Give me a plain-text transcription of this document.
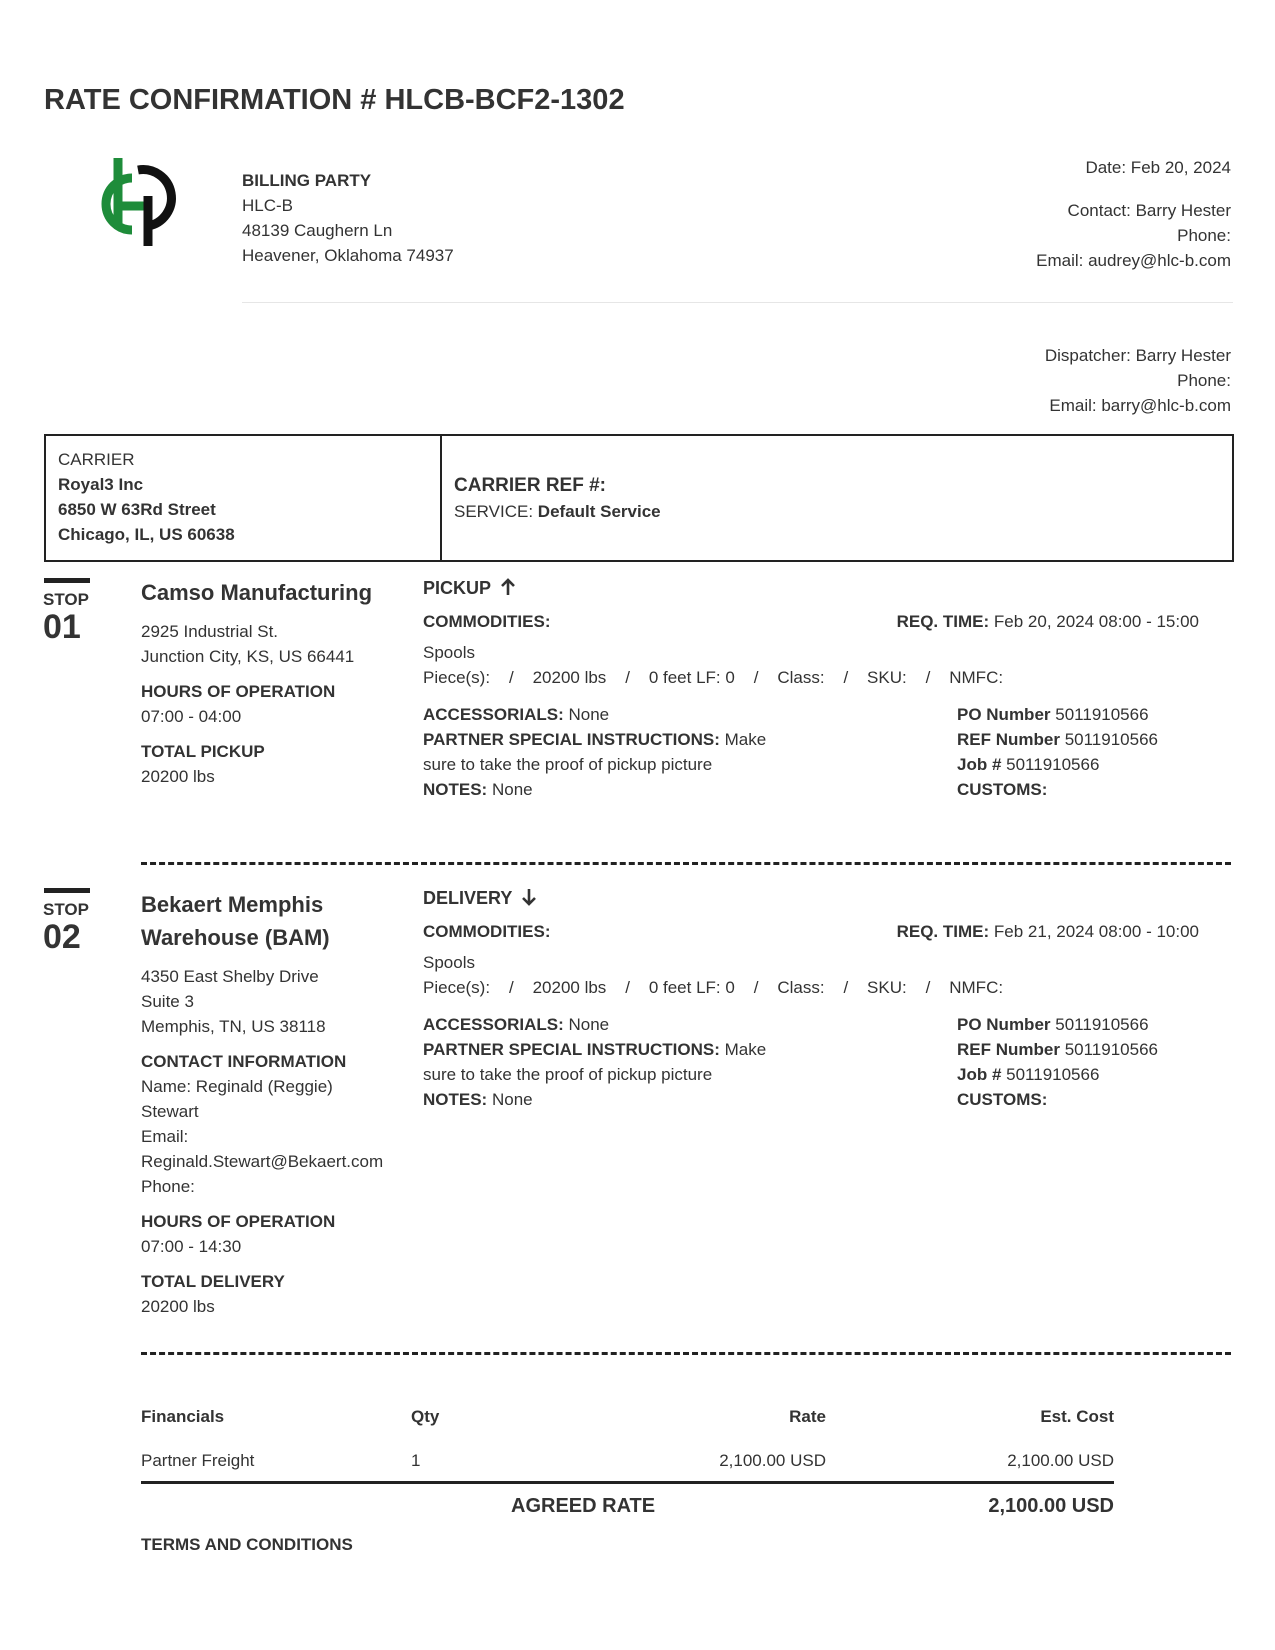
RATE CONFIRMATION # HLCB-BCF2-1302
BILLING PARTY
HLC-B
48139 Caughern Ln
Heavener, Oklahoma 74937
Date: Feb 20, 2024
Contact: Barry Hester
Phone:
Email: audrey@hlc-b.com
Dispatcher: Barry Hester
Phone:
Email: barry@hlc-b.com
CARRIER
Royal3 Inc
6850 W 63Rd Street
Chicago, IL, US 60638
CARRIER REF #:
SERVICE: Default Service
STOP
01
Camso Manufacturing
2925 Industrial St.
Junction City, KS, US 66441
HOURS OF OPERATION
07:00 - 04:00
TOTAL PICKUP
20200 lbs
PICKUP
COMMODITIES:	REQ. TIME: Feb 20, 2024 08:00 - 15:00
Spools
Piece(s):    /    20200 lbs    /    0 feet LF: 0    /    Class:    /    SKU:    /    NMFC:
ACCESSORIALS: None
PARTNER SPECIAL INSTRUCTIONS: Make
sure to take the proof of pickup picture
NOTES: None
PO Number 5011910566
REF Number 5011910566
Job # 5011910566
CUSTOMS:
STOP
02
Bekaert Memphis
Warehouse (BAM)
4350 East Shelby Drive
Suite 3
Memphis, TN, US 38118
CONTACT INFORMATION
Name: Reginald (Reggie)
Stewart
Email:
Reginald.Stewart@Bekaert.com
Phone:
HOURS OF OPERATION
07:00 - 14:30
TOTAL DELIVERY
20200 lbs
DELIVERY
COMMODITIES:	REQ. TIME: Feb 21, 2024 08:00 - 10:00
Spools
Piece(s):    /    20200 lbs    /    0 feet LF: 0    /    Class:    /    SKU:    /    NMFC:
ACCESSORIALS: None
PARTNER SPECIAL INSTRUCTIONS: Make
sure to take the proof of pickup picture
NOTES: None
PO Number 5011910566
REF Number 5011910566
Job # 5011910566
CUSTOMS:
Financials	Qty	Rate	Est. Cost
Partner Freight	1	2,100.00 USD	2,100.00 USD
AGREED RATE	2,100.00 USD
TERMS AND CONDITIONS
